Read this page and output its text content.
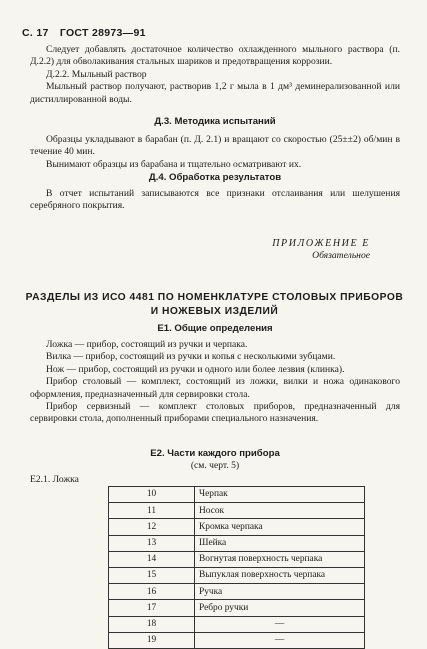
С. 17 ГОСТ 28973—91

Следует добавлять достаточное количество охлажденного мыльного раствора (п. Д.2.2) для обволакивания стальных шариков и предотвращения коррозии.

Д.2.2. Мыльный раствор

Мыльный раствор получают, растворив 1,2 г мыла в 1 дм³ деминерализованной или дистиллированной воды.

Д.3. Методика испытаний

Образцы укладывают в барабан (п. Д. 2.1) и вращают со скоростью (25±±2) об/мин в течение 40 мин.

Вынимают образцы из барабана и тщательно осматривают их.

Д.4. Обработка результатов

В отчет испытаний записываются все признаки отслаивания или шелушения серебряного покрытия.

ПРИЛОЖЕНИЕ Е
Обязательное
РАЗДЕЛЫ ИЗ ИСО 4481 ПО НОМЕНКЛАТУРЕ СТОЛОВЫХ ПРИБОРОВ И НОЖЕВЫХ ИЗДЕЛИЙ
Е1. Общие определения

Ложка — прибор, состоящий из ручки и черпака.

Вилка — прибор, состоящий из ручки и копья с несколькими зубцами.

Нож — прибор, состоящий из ручки и одного или более лезвия (клинка).

Прибор столовый — комплект, состоящий из ложки, вилки и ножа одинакового оформления, предназначенный для сервировки стола.

Прибор сервизный — комплект столовых приборов, предназначенный для сервировки стола, дополненный приборами специального назначения.

Е2. Части каждого прибора
(см. черт. 5)
Е2.1. Ложка
10	Черпак
11	Носок
12	Кромка черпака
13	Шейка
14	Вогнутая поверхность черпака
15	Выпуклая поверхность черпака
16	Ручка
17	Ребро ручки
18	—
19	—
